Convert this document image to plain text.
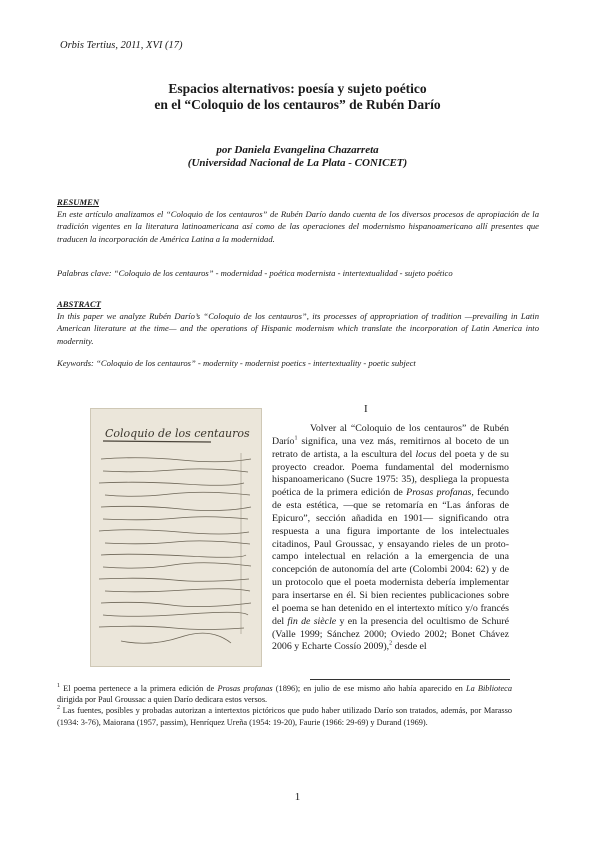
Orbis Tertius, 2011, XVI (17)
Espacios alternativos: poesía y sujeto poético
en el “Coloquio de los centauros” de Rubén Darío
por Daniela Evangelina Chazarreta
(Universidad Nacional de La Plata - CONICET)
RESUMEN
En este artículo analizamos el “Coloquio de los centauros” de Rubén Darío dando cuenta de los diversos procesos de apropiación de la tradición vigentes en la literatura latinoamericana así como de las operaciones del modernismo hispanoamericano allí presentes que traducen la incorporación de América Latina a la modernidad.
Palabras clave: “Coloquio de los centauros” - modernidad - poética modernista - intertextualidad - sujeto poético
ABSTRACT
In this paper we analyze Rubén Darío’s “Coloquio de los centauros”, its processes of appropriation of tradition —prevailing in Latin American literature at the time— and the operations of Hispanic modernism which translate the incorporation of Latin America into modernity.
Keywords: “Coloquio de los centauros” - modernity - modernist poetics - intertextuality - poetic subject
I
Coloquio de los centauros	Volver al “Coloquio de los centauros” de Rubén Darío$^1$ significa, una vez más, remitirnos al boceto de un retrato de artista, a la escultura del locus del poeta y de su proyecto creador. Poema fundamental del modernismo hispanoamericano (Sucre 1975: 35), despliega la propuesta poética de la primera edición de Prosas profanas, fecundo de esta estética, —que se retomaría en “Las ánforas de Epicuro”, sección añadida en 1901— significando otra respuesta a una figura importante de los intelectuales citadinos, Paul Groussac, y ensayando rieles de un proto-campo intelectual en relación a la emergencia de una concepción de autonomía del arte (Colombi 2004: 62) y de un protocolo que el poeta modernista debería implementar para insertarse en él. Si bien recientes publicaciones sobre el poema se han detenido en el intertexto mítico y/o francés del fin de siècle y en la presencia del ocultismo de Schuré (Valle 1999; Sánchez 2000; Oviedo 2002; Bonet Chávez 2006 y Echarte Cossío 2009),$^2$ desde el
$^1$ El poema pertenece a la primera edición de Prosas profanas (1896); en julio de ese mismo año había aparecido en La Biblioteca dirigida por Paul Groussac a quien Darío dedicara estos versos.
$^2$ Las fuentes, posibles y probadas autorizan a intertextos pictóricos que pudo haber utilizado Darío son tratados, además, por Marasso (1934: 3-76), Maiorana (1957, passim), Henríquez Ureña (1954: 19-20), Faurie (1966: 29-69) y Durand (1969).
1
